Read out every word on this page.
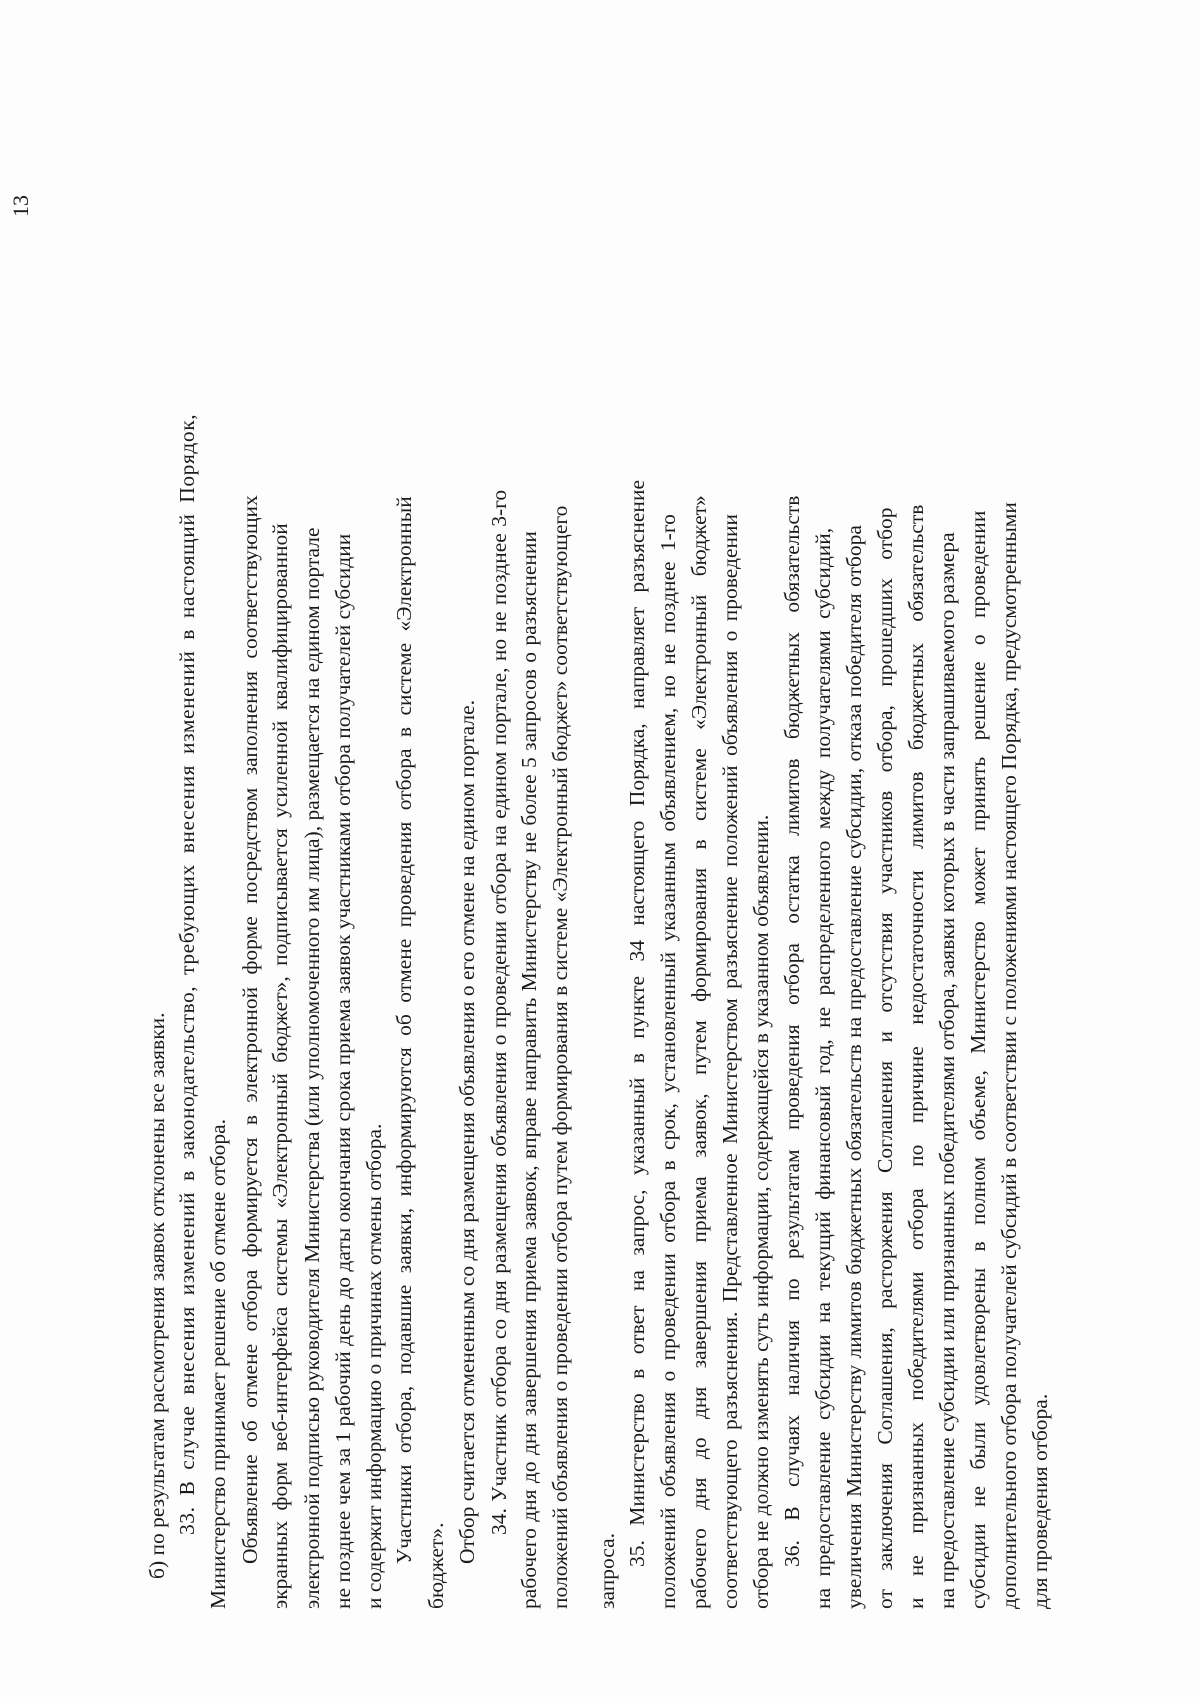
13
б) по результатам рассмотрения заявок отклонены все заявки. 33. В случае внесения изменений в законодательство, требующих внесения изменений в настоящий Порядок, Министерство принимает решение об отмене отбора. Объявление об отмене отбора формируется в электронной форме посредством заполнения соответствующих экранных форм веб-интерфейса системы «Электронный бюджет», подписывается усиленной квалифицированной электронной подписью руководителя Министерства (или уполномоченного им лица), размещается на едином портале не позднее чем за 1 рабочий день до даты окончания срока приема заявок участниками отбора получателей субсидии и содержит информацию о причинах отмены отбора. Участники отбора, подавшие заявки, информируются об отмене проведения отбора в системе «Электронный
бюджет».
Отбор считается отмененным со дня размещения объявления о его отмене на едином портале. 34. Участник отбора со дня размещения объявления о проведении отбора на едином портале, но не позднее 3-го рабочего дня до дня завершения приема заявок, вправе направить Министерству не более 5 запросов о разъяснении положений объявления о проведении отбора путем формирования в системе «Электронный бюджет» соответствующего запроса.
35. Министерство в ответ на запрос, указанный в пункте 34 настоящего Порядка, направляет разъяснение положений объявления о проведении отбора в срок, установленный указанным объявлением, но не позднее 1-го рабочего дня до дня завершения приема заявок, путем формирования в системе «Электронный бюджет» соответствующего разъяснения. Представленное Министерством разъяснение положений объявления о проведении отбора не должно изменять суть информации, содержащейся в указанном объявлении. 36. В случаях наличия по результатам проведения отбора остатка лимитов бюджетных обязательств на предоставление субсидии на текущий финансовый год, не распределенного между получателями субсидий, увеличения Министерству лимитов бюджетных обязательств на предоставление субсидии, отказа победителя отбора от заключения Соглашения, расторжения Соглашения и отсутствия участников отбора, прошедших отбор и не признанных победителями отбора по причине недостаточности лимитов бюджетных обязательств на предоставление субсидии или признанных победителями отбора, заявки которых в части запрашиваемого размера субсидии не были удовлетворены в полном объеме, Министерство может принять решение о проведении дополнительного отбора получателей субсидий в соответствии с положениями настоящего Порядка, предусмотренными для проведения отбора.
